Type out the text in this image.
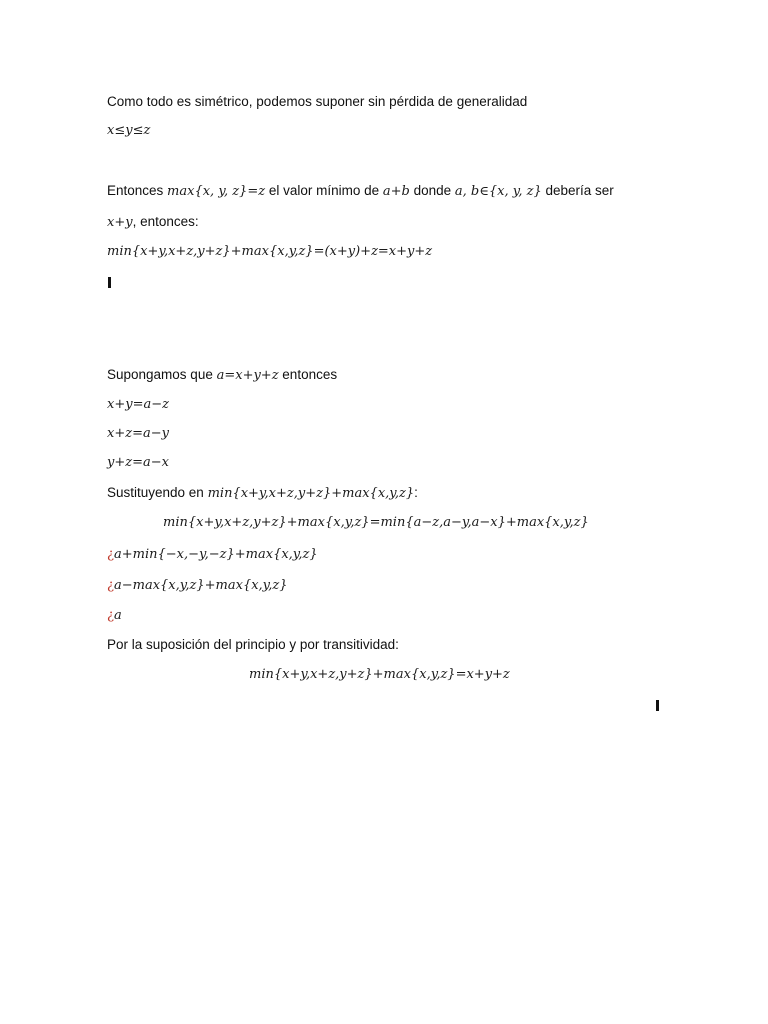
Como todo es simétrico, podemos suponer sin pérdida de generalidad
x≤y≤z
Entonces max{x, y, z}=z el valor mínimo de a+b donde a, b∈{x, y, z} debería ser
x+y, entonces:
min{x+y,x+z,y+z}+max{x,y,z}=(x+y)+z=x+y+z
Supongamos que a=x+y+z entonces
x+y=a−z
x+z=a−y
y+z=a−x
Sustituyendo en min{x+y,x+z,y+z}+max{x,y,z}:
min{x+y,x+z,y+z}+max{x,y,z}=min{a−z,a−y,a−x}+max{x,y,z}
¿a+min{−x,−y,−z}+max{x,y,z}
¿a−max{x,y,z}+max{x,y,z}
¿a
Por la suposición del principio y por transitividad:
min{x+y,x+z,y+z}+max{x,y,z}=x+y+z
